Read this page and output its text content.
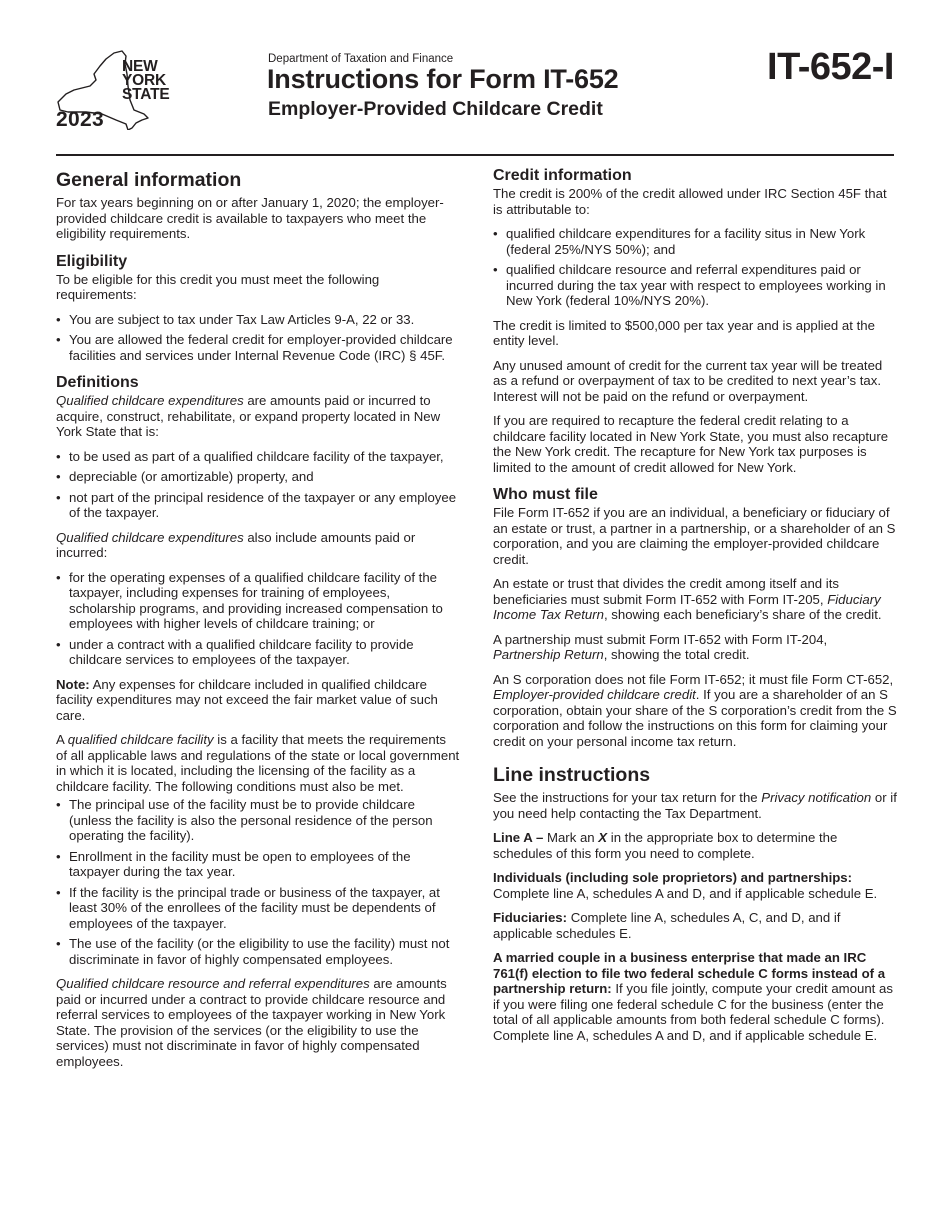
NEW
YORK
STATE
2023
Department of Taxation and Finance
Instructions for Form IT-652
Employer-Provided Childcare Credit
IT-652-I
General information

For tax years beginning on or after January 1, 2020; the employer-provided childcare credit is available to taxpayers who meet the eligibility requirements.

Eligibility

To be eligible for this credit you must meet the following requirements:

• You are subject to tax under Tax Law Articles 9-A, 22 or 33.
• You are allowed the federal credit for employer-provided childcare facilities and services under Internal Revenue Code (IRC) § 45F.
Definitions

Qualified childcare expenditures are amounts paid or incurred to acquire, construct, rehabilitate, or expand property located in New York State that is:

• to be used as part of a qualified childcare facility of the taxpayer,
• depreciable (or amortizable) property, and
• not part of the principal residence of the taxpayer or any employee of the taxpayer.

Qualified childcare expenditures also include amounts paid or incurred:

• for the operating expenses of a qualified childcare facility of the taxpayer, including expenses for training of employees, scholarship programs, and providing increased compensation to employees with higher levels of childcare training; or
• under a contract with a qualified childcare facility to provide childcare services to employees of the taxpayer.

Note: Any expenses for childcare included in qualified childcare facility expenditures may not exceed the fair market value of such care.

A qualified childcare facility is a facility that meets the requirements of all applicable laws and regulations of the state or local government in which it is located, including the licensing of the facility as a childcare facility. The following conditions must also be met.

• The principal use of the facility must be to provide childcare (unless the facility is also the personal residence of the person operating the facility).
• Enrollment in the facility must be open to employees of the taxpayer during the tax year.
• If the facility is the principal trade or business of the taxpayer, at least 30% of the enrollees of the facility must be dependents of employees of the taxpayer.
• The use of the facility (or the eligibility to use the facility) must not discriminate in favor of highly compensated employees.

Qualified childcare resource and referral expenditures are amounts paid or incurred under a contract to provide childcare resource and referral services to employees of the taxpayer working in New York State. The provision of the services (or the eligibility to use the services) must not discriminate in favor of highly compensated employees.

Credit information

The credit is 200% of the credit allowed under IRC Section 45F that is attributable to:

• qualified childcare expenditures for a facility situs in New York (federal 25%/NYS 50%); and
• qualified childcare resource and referral expenditures paid or incurred during the tax year with respect to employees working in New York (federal 10%/NYS 20%).

The credit is limited to $500,000 per tax year and is applied at the entity level.

Any unused amount of credit for the current tax year will be treated as a refund or overpayment of tax to be credited to next year’s tax. Interest will not be paid on the refund or overpayment.

If you are required to recapture the federal credit relating to a childcare facility located in New York State, you must also recapture the New York credit. The recapture for New York tax purposes is limited to the amount of credit allowed for New York.

Who must file

File Form IT-652 if you are an individual, a beneficiary or fiduciary of an estate or trust, a partner in a partnership, or a shareholder of an S corporation, and you are claiming the employer-provided childcare credit.

An estate or trust that divides the credit among itself and its beneficiaries must submit Form IT-652 with Form IT-205, Fiduciary Income Tax Return, showing each beneficiary’s share of the credit.

A partnership must submit Form IT-652 with Form IT-204, Partnership Return, showing the total credit.

An S corporation does not file Form IT-652; it must file Form CT-652, Employer-provided childcare credit. If you are a shareholder of an S corporation, obtain your share of the S corporation’s credit from the S corporation and follow the instructions on this form for claiming your credit on your personal income tax return.

Line instructions

See the instructions for your tax return for the Privacy notification or if you need help contacting the Tax Department.

Line A – Mark an X in the appropriate box to determine the schedules of this form you need to complete.

Individuals (including sole proprietors) and partnerships: Complete line A, schedules A and D, and if applicable schedule E.

Fiduciaries: Complete line A, schedules A, C, and D, and if applicable schedules E.

A married couple in a business enterprise that made an IRC 761(f) election to file two federal schedule C forms instead of a partnership return: If you file jointly, compute your credit amount as if you were filing one federal schedule C for the business (enter the total of all applicable amounts from both federal schedule C forms). Complete line A, schedules A and D, and if applicable schedule E.
